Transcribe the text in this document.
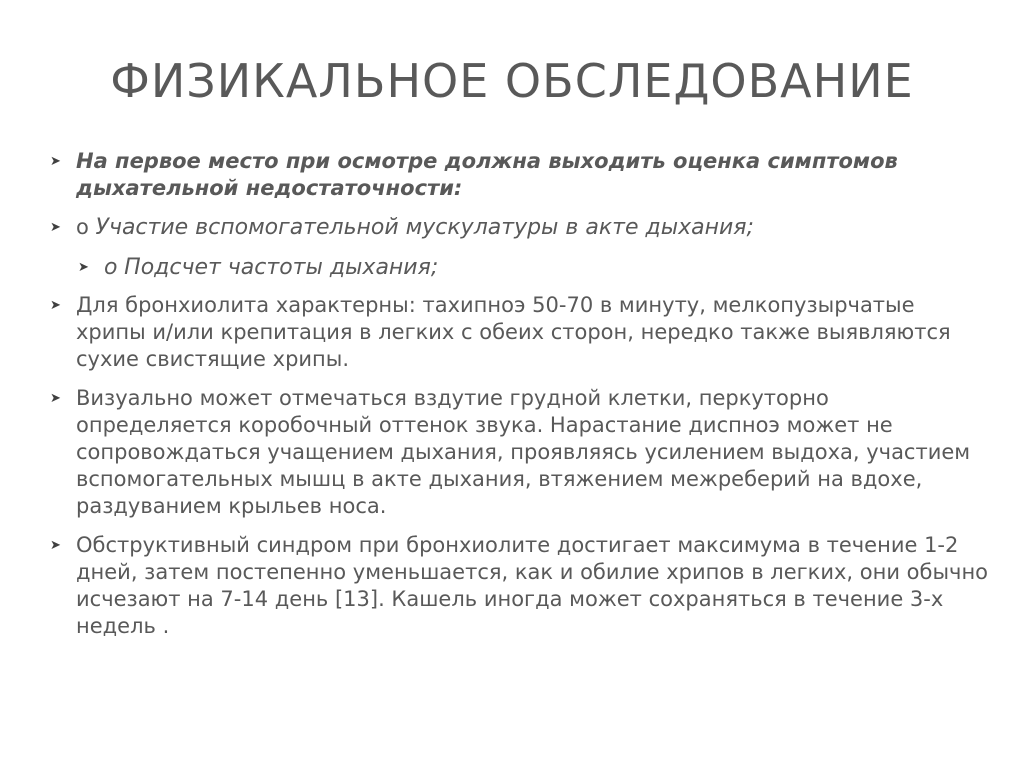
ФИЗИКАЛЬНОЕ ОБСЛЕДОВАНИЕ
➤ На первое место при осмотре должна выходить оценка симптомов дыхательной недостаточности:
➤ o Участие вспомогательной мускулатуры в акте дыхания;
➤ o Подсчет частоты дыхания;
➤ Для бронхиолита характерны: тахипноэ 50-70 в минуту, мелкопузырчатые хрипы и/или крепитация в легких с обеих сторон, нередко также выявляются сухие свистящие хрипы.
➤ Визуально может отмечаться вздутие грудной клетки, перкуторно определяется коробочный оттенок звука. Нарастание диспноэ может не сопровождаться учащением дыхания, проявляясь усилением выдоха, участием вспомогательных мышц в акте дыхания, втяжением межреберий на вдохе, раздуванием крыльев носа.
➤ Обструктивный синдром при бронхиолите достигает максимума в течение 1-2 дней, затем постепенно уменьшается, как и обилие хрипов в легких, они обычно исчезают на 7-14 день [13]. Кашель иногда может сохраняться в течение 3-х недель .
